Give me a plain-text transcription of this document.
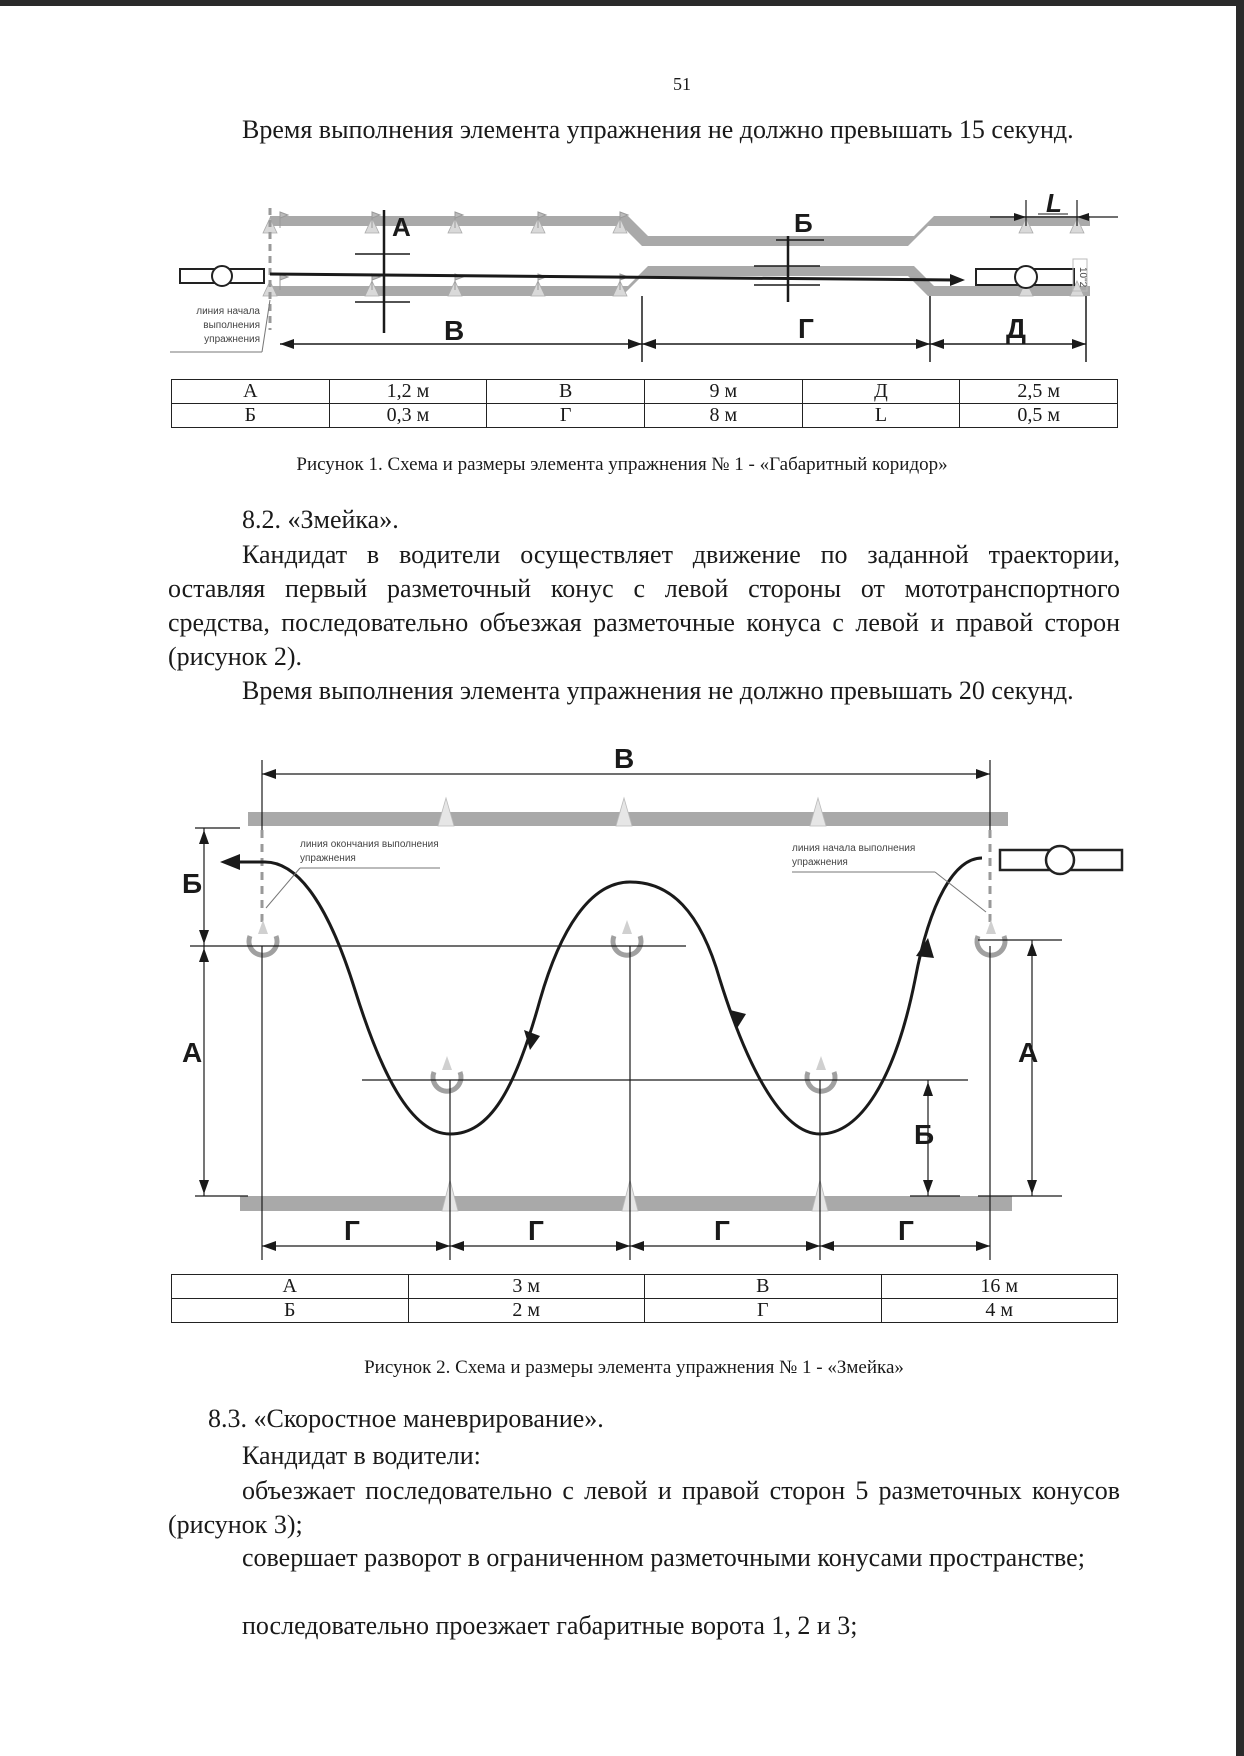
51

Время выполнения элемента упражнения не должно превышать 15 секунд.

10"2
А	Б
L
В	Г	Д
линия начала выполнения упражнения
А	1,2 м	В	9 м	Д	2,5 м
Б	0,3 м	Г	8 м	L	0,5 м
Рисунок 1. Схема и размеры элемента упражнения № 1 - «Габаритный коридор»

8.2. «Змейка».

Кандидат в водители осуществляет движение по заданной траектории, оставляя первый разметочный конус с левой стороны от мототранспортного средства, последовательно объезжая разметочные конуса с левой и правой сторон (рисунок 2).

Время выполнения элемента упражнения не должно превышать 20 секунд.

В
Б
А	А
Б
Г	Г	Г	Г
линия окончания выполнения упражнения
линия начала выполнения упражнения
А	3 м	В	16 м
Б	2 м	Г	4 м
Рисунок 2. Схема и размеры элемента упражнения № 1 - «Змейка»

8.3. «Скоростное маневрирование».

Кандидат в водители:

объезжает последовательно с левой и правой сторон 5 разметочных конусов (рисунок 3);

совершает разворот в ограниченном разметочными конусами пространстве;

последовательно проезжает габаритные ворота 1, 2 и 3;
